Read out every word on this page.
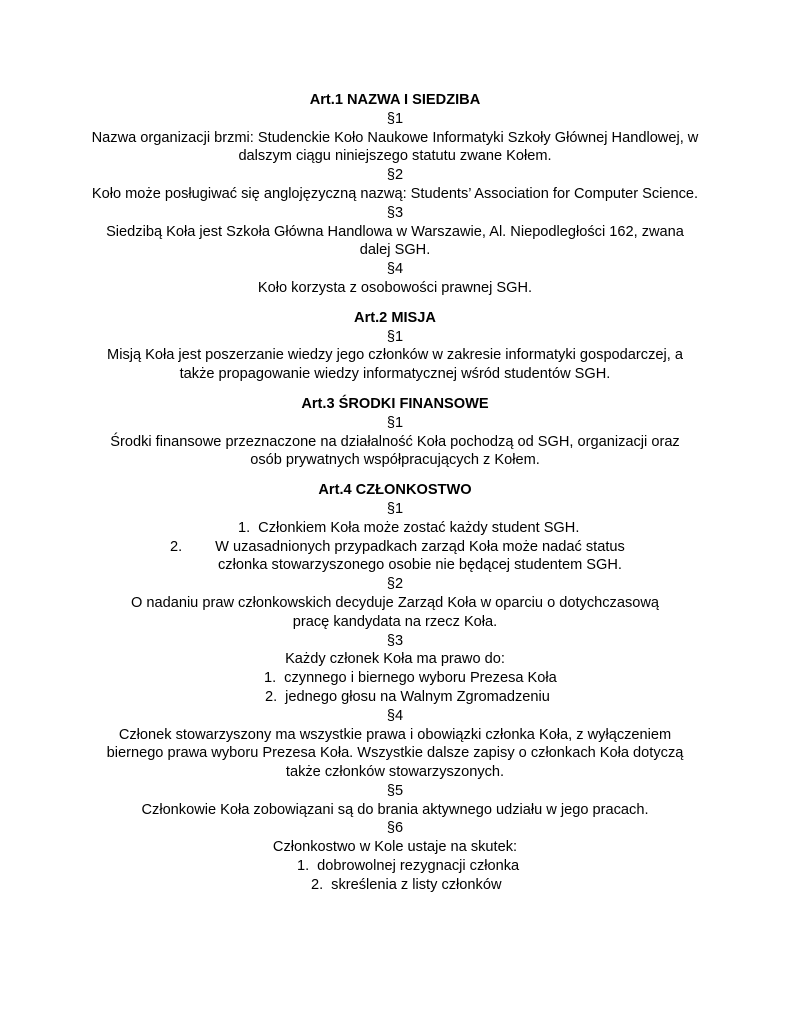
Art.1 NAZWA I SIEDZIBA

§1

Nazwa organizacji brzmi: Studenckie Koło Naukowe Informatyki Szkoły Głównej Handlowej, w dalszym ciągu niniejszego statutu zwane Kołem.

§2

Koło może posługiwać się anglojęzyczną nazwą: Students’ Association for Computer Science.

§3

Siedzibą Koła jest Szkoła Główna Handlowa w Warszawie, Al. Niepodległości 162, zwana dalej SGH.

§4

Koło korzysta z osobowości prawnej SGH.

Art.2 MISJA

§1

Misją Koła jest poszerzanie wiedzy jego członków w zakresie informatyki gospodarczej, a także propagowanie wiedzy informatycznej wśród studentów SGH.

Art.3 ŚRODKI FINANSOWE

§1

Środki finansowe przeznaczone na działalność Koła pochodzą od SGH, organizacji oraz osób prywatnych współpracujących z Kołem.

Art.4 CZŁONKOSTWO

§1

1. Członkiem Koła może zostać każdy student SGH.
2.	W uzasadnionych przypadkach zarząd Koła może nadać status członka stowarzyszonego osobie nie będącej studentem SGH.

§2

O nadaniu praw członkowskich decyduje Zarząd Koła w oparciu o dotychczasową pracę kandydata na rzecz Koła.

§3

Każdy członek Koła ma prawo do:

1. czynnego i biernego wyboru Prezesa Koła
2. jednego głosu na Walnym Zgromadzeniu

§4

Członek stowarzyszony ma wszystkie prawa i obowiązki członka Koła, z wyłączeniem biernego prawa wyboru Prezesa Koła. Wszystkie dalsze zapisy o członkach Koła dotyczą także członków stowarzyszonych.

§5

Członkowie Koła zobowiązani są do brania aktywnego udziału w jego pracach.

§6

Członkostwo w Kole ustaje na skutek:

1. dobrowolnej rezygnacji członka
2. skreślenia z listy członków
